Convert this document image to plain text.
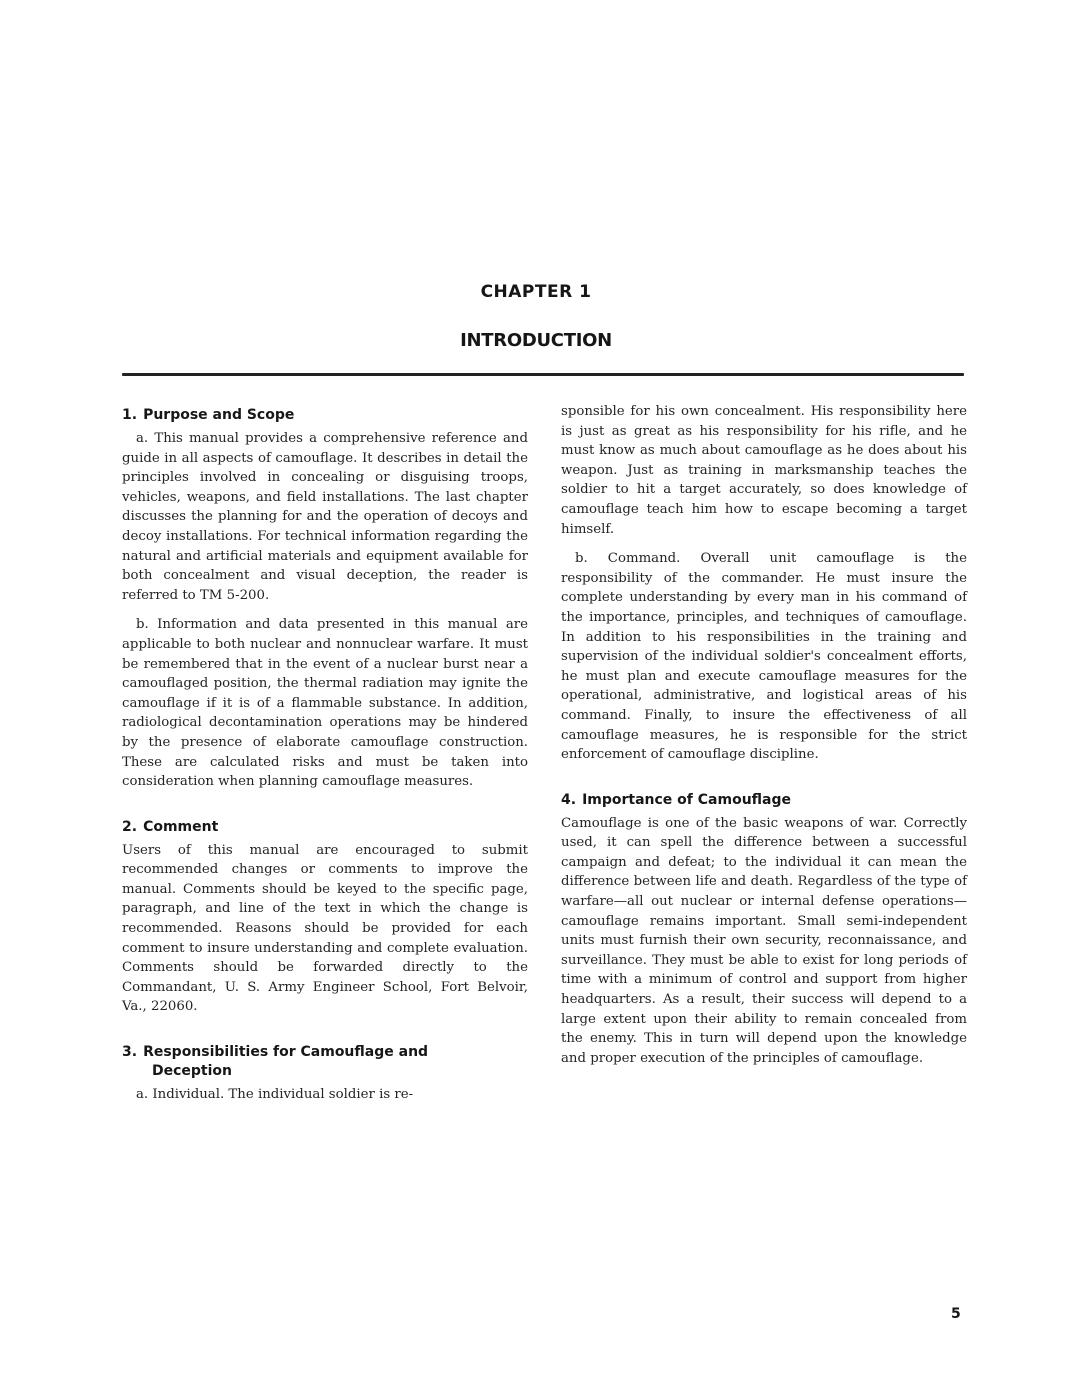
CHAPTER 1
INTRODUCTION
1. Purpose and Scope

a. This manual provides a comprehensive reference and guide in all aspects of camouflage. It describes in detail the principles involved in concealing or disguising troops, vehicles, weapons, and field installations. The last chapter discusses the planning for and the operation of decoys and decoy installations. For technical information regarding the natural and artificial materials and equipment available for both concealment and visual deception, the reader is referred to TM 5-200.

b. Information and data presented in this manual are applicable to both nuclear and nonnuclear warfare. It must be remembered that in the event of a nuclear burst near a camouflaged position, the thermal radiation may ignite the camouflage if it is of a flammable substance. In addition, radiological decontamination operations may be hindered by the presence of elaborate camouflage construction. These are calculated risks and must be taken into consideration when planning camouflage measures.

2. Comment

Users of this manual are encouraged to submit recommended changes or comments to improve the manual. Comments should be keyed to the specific page, paragraph, and line of the text in which the change is recommended. Reasons should be provided for each comment to insure understanding and complete evaluation. Comments should be forwarded directly to the Commandant, U. S. Army Engineer School, Fort Belvoir, Va., 22060.

3. Responsibilities for Camouflage and
Deception

a. Individual. The individual soldier is re-

sponsible for his own concealment. His responsibility here is just as great as his responsibility for his rifle, and he must know as much about camouflage as he does about his weapon. Just as training in marksmanship teaches the soldier to hit a target accurately, so does knowledge of camouflage teach him how to escape becoming a target himself.

b. Command. Overall unit camouflage is the responsibility of the commander. He must insure the complete understanding by every man in his command of the importance, principles, and techniques of camouflage. In addition to his responsibilities in the training and supervision of the individual soldier's concealment efforts, he must plan and execute camouflage measures for the operational, administrative, and logistical areas of his command. Finally, to insure the effectiveness of all camouflage measures, he is responsible for the strict enforcement of camouflage discipline.

4. Importance of Camouflage

Camouflage is one of the basic weapons of war. Correctly used, it can spell the difference between a successful campaign and defeat; to the individual it can mean the difference between life and death. Regardless of the type of warfare—all out nuclear or internal defense operations—camouflage remains important. Small semi-independent units must furnish their own security, reconnaissance, and surveillance. They must be able to exist for long periods of time with a minimum of control and support from higher headquarters. As a result, their success will depend to a large extent upon their ability to remain concealed from the enemy. This in turn will depend upon the knowledge and proper execution of the principles of camouflage.

5
